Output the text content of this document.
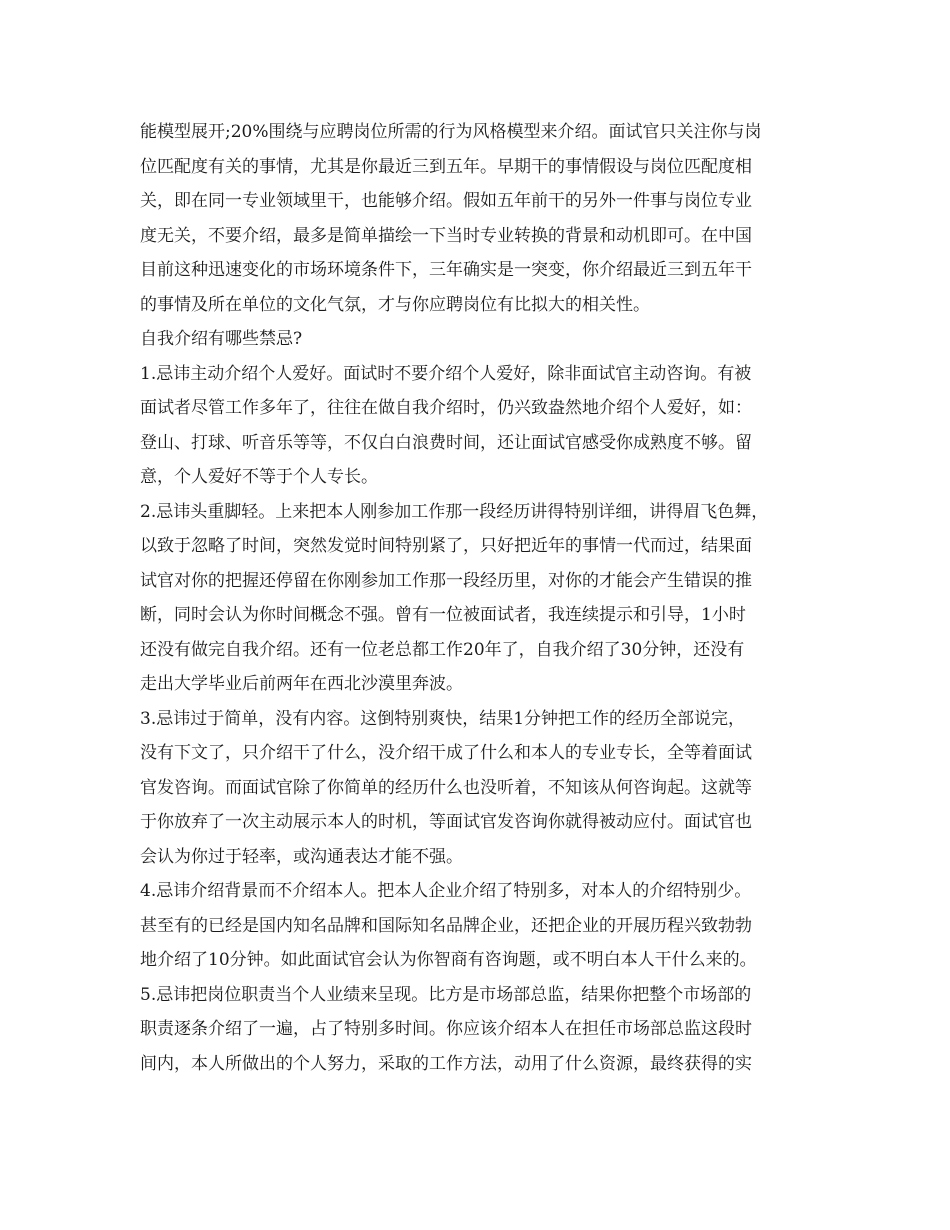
能模型展开;20%围绕与应聘岗位所需的行为风格模型来介绍。面试官只关注你与岗
位匹配度有关的事情，尤其是你最近三到五年。早期干的事情假设与岗位匹配度相
关，即在同一专业领域里干，也能够介绍。假如五年前干的另外一件事与岗位专业
度无关，不要介绍，最多是简单描绘一下当时专业转换的背景和动机即可。在中国
目前这种迅速变化的市场环境条件下，三年确实是一突变，你介绍最近三到五年干
的事情及所在单位的文化气氛，才与你应聘岗位有比拟大的相关性。
自我介绍有哪些禁忌?
1.忌讳主动介绍个人爱好。面试时不要介绍个人爱好，除非面试官主动咨询。有被
面试者尽管工作多年了，往往在做自我介绍时，仍兴致盎然地介绍个人爱好，如：
登山、打球、听音乐等等，不仅白白浪费时间，还让面试官感受你成熟度不够。留
意，个人爱好不等于个人专长。
2.忌讳头重脚轻。上来把本人刚参加工作那一段经历讲得特别详细，讲得眉飞色舞，
以致于忽略了时间，突然发觉时间特别紧了，只好把近年的事情一代而过，结果面
试官对你的把握还停留在你刚参加工作那一段经历里，对你的才能会产生错误的推
断，同时会认为你时间概念不强。曾有一位被面试者，我连续提示和引导，1小时
还没有做完自我介绍。还有一位老总都工作20年了，自我介绍了30分钟，还没有
走出大学毕业后前两年在西北沙漠里奔波。
3.忌讳过于简单，没有内容。这倒特别爽快，结果1分钟把工作的经历全部说完，
没有下文了，只介绍干了什么，没介绍干成了什么和本人的专业专长，全等着面试
官发咨询。而面试官除了你简单的经历什么也没听着，不知该从何咨询起。这就等
于你放弃了一次主动展示本人的时机，等面试官发咨询你就得被动应付。面试官也
会认为你过于轻率，或沟通表达才能不强。
4.忌讳介绍背景而不介绍本人。把本人企业介绍了特别多，对本人的介绍特别少。
甚至有的已经是国内知名品牌和国际知名品牌企业，还把企业的开展历程兴致勃勃
地介绍了10分钟。如此面试官会认为你智商有咨询题，或不明白本人干什么来的。
5.忌讳把岗位职责当个人业绩来呈现。比方是市场部总监，结果你把整个市场部的
职责逐条介绍了一遍，占了特别多时间。你应该介绍本人在担任市场部总监这段时
间内，本人所做出的个人努力，采取的工作方法，动用了什么资源，最终获得的实
